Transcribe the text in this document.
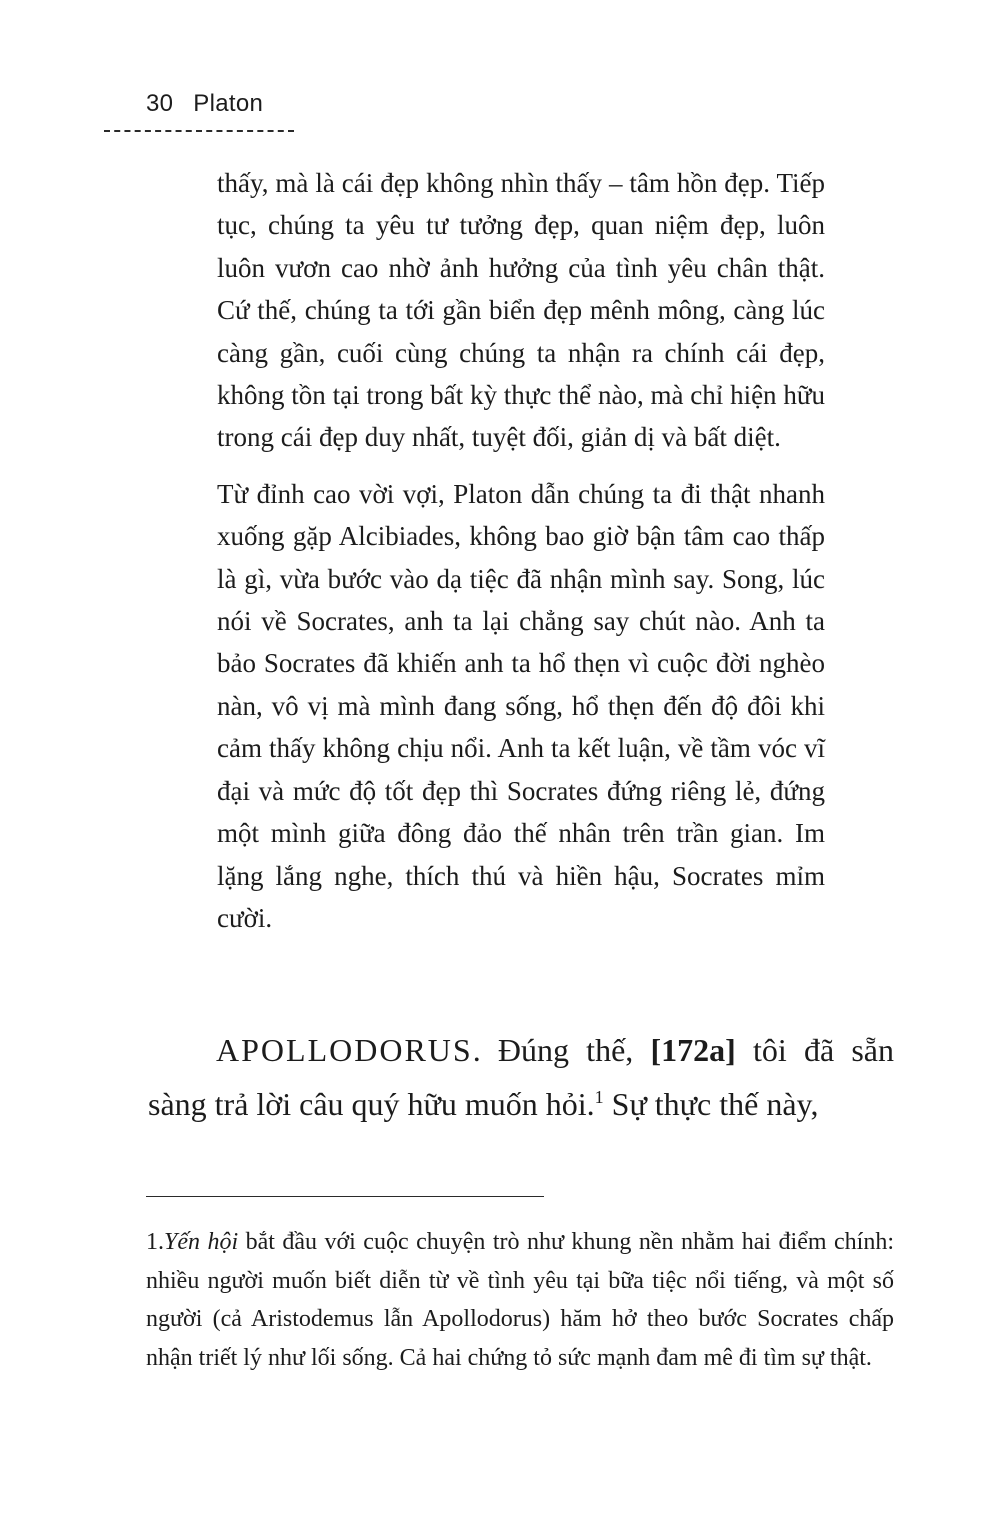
30 Platon

thấy, mà là cái đẹp không nhìn thấy – tâm hồn đẹp. Tiếp tục, chúng ta yêu tư tưởng đẹp, quan niệm đẹp, luôn luôn vươn cao nhờ ảnh hưởng của tình yêu chân thật. Cứ thế, chúng ta tới gần biển đẹp mênh mông, càng lúc càng gần, cuối cùng chúng ta nhận ra chính cái đẹp, không tồn tại trong bất kỳ thực thể nào, mà chỉ hiện hữu trong cái đẹp duy nhất, tuyệt đối, giản dị và bất diệt.

Từ đỉnh cao vời vợi, Platon dẫn chúng ta đi thật nhanh xuống gặp Alcibiades, không bao giờ bận tâm cao thấp là gì, vừa bước vào dạ tiệc đã nhận mình say. Song, lúc nói về Socrates, anh ta lại chẳng say chút nào. Anh ta bảo Socrates đã khiến anh ta hổ thẹn vì cuộc đời nghèo nàn, vô vị mà mình đang sống, hổ thẹn đến độ đôi khi cảm thấy không chịu nổi. Anh ta kết luận, về tầm vóc vĩ đại và mức độ tốt đẹp thì Socrates đứng riêng lẻ, đứng một mình giữa đông đảo thế nhân trên trần gian. Im lặng lắng nghe, thích thú và hiền hậu, Socrates mỉm cười.

APOLLODORUS. Đúng thế, [172a] tôi đã sẵn sàng trả lời câu quý hữu muốn hỏi.$^1$ Sự thực thế này,

1.Yến hội bắt đầu với cuộc chuyện trò như khung nền nhằm hai điểm chính: nhiều người muốn biết diễn từ về tình yêu tại bữa tiệc nổi tiếng, và một số người (cả Aristodemus lẫn Apollodorus) hăm hở theo bước Socrates chấp nhận triết lý như lối sống. Cả hai chứng tỏ sức mạnh đam mê đi tìm sự thật.
